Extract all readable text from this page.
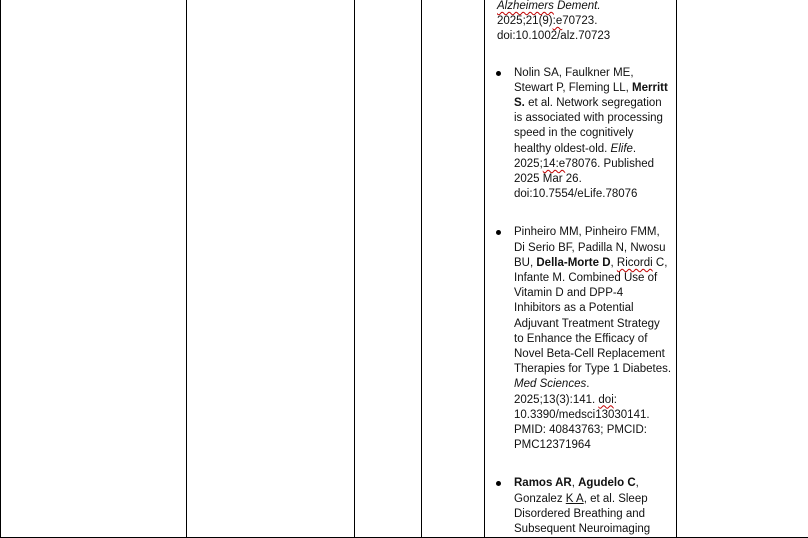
Alzheimers Dement.
2025;21(9):e70723.
doi:10.1002/alz.70723
Nolin SA, Faulkner ME, Stewart P, Fleming LL, Merritt S. et al. Network segregation is associated with processing speed in the cognitively healthy oldest-old. Elife. 2025;14:e78076. Published 2025 Mar 26. doi:10.7554/eLife.78076
Pinheiro MM, Pinheiro FMM, Di Serio BF, Padilla N, Nwosu BU, Della-Morte D, Ricordi C, Infante M. Combined Use of Vitamin D and DPP-4 Inhibitors as a Potential Adjuvant Treatment Strategy to Enhance the Efficacy of Novel Beta-Cell Replacement Therapies for Type 1 Diabetes. Med Sciences. 2025;13(3):141. doi: 10.3390/medsci13030141. PMID: 40843763; PMCID: PMC12371964
Ramos AR, Agudelo C, Gonzalez K A, et al. Sleep Disordered Breathing and Subsequent Neuroimaging
